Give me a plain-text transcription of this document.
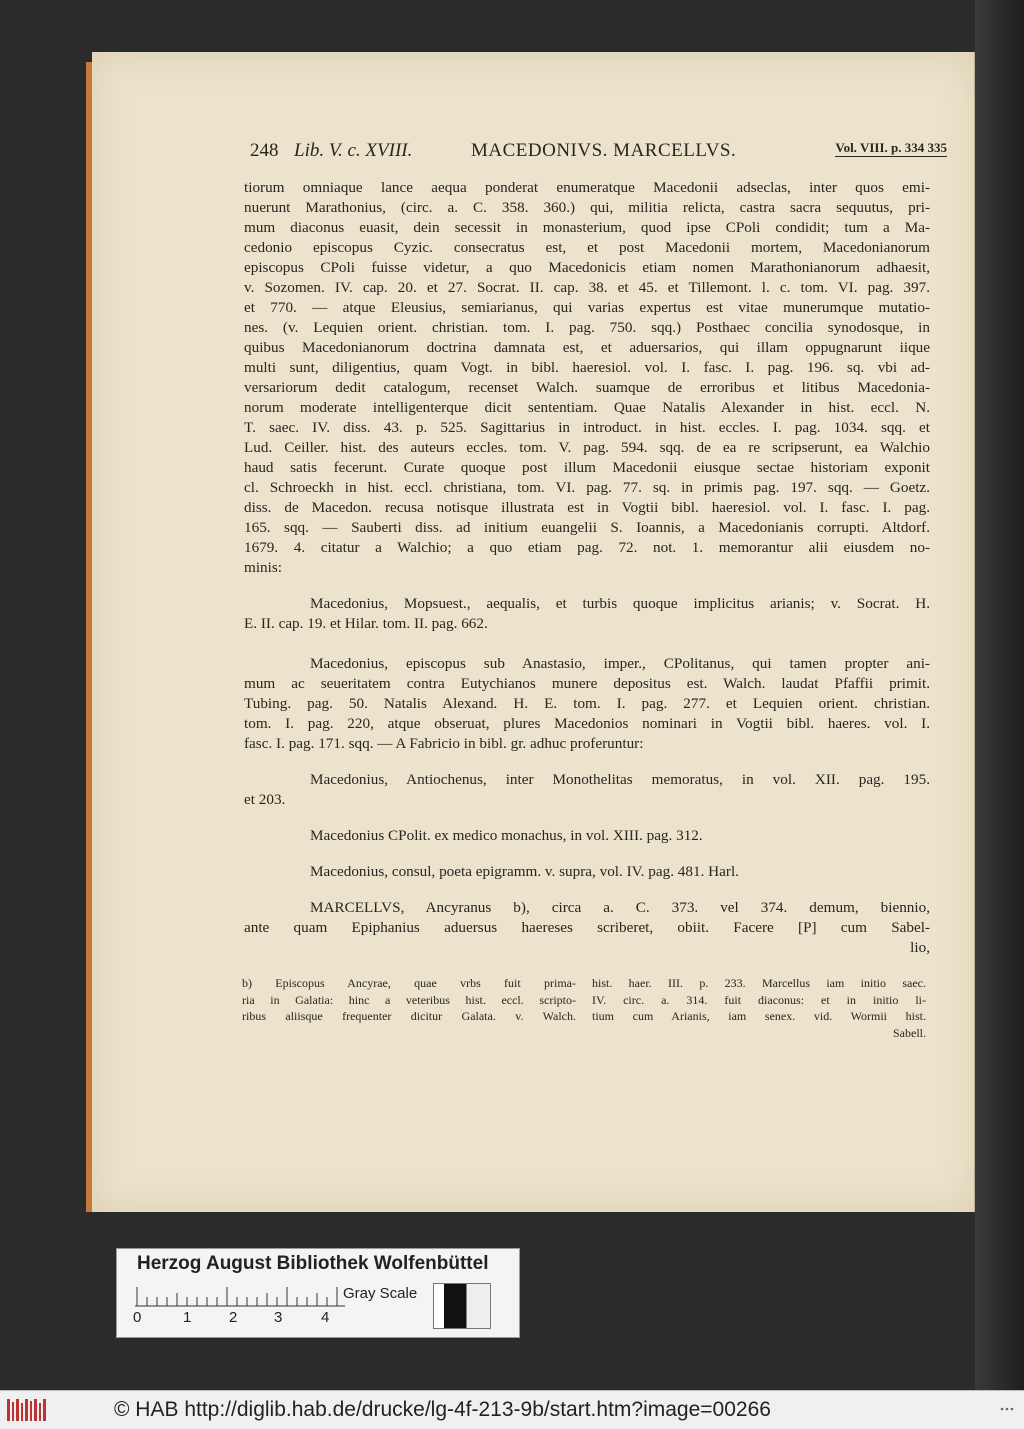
248 Lib. V. c. XVIII.	MACEDONIVS. MARCELLVS.	Vol. VIII. p. 334 335
tiorum omniaque lance aequa ponderat enumeratque Macedonii adseclas, inter quos emi-
nuerunt Marathonius, (circ. a. C. 358. 360.) qui, militia relicta, castra sacra sequutus, pri-
mum diaconus euasit, dein secessit in monasterium, quod ipse CPoli condidit; tum a Ma-
cedonio episcopus Cyzic. consecratus est, et post Macedonii mortem, Macedonianorum
episcopus CPoli fuisse videtur, a quo Macedonicis etiam nomen Marathonianorum adhaesit,
v. Sozomen. IV. cap. 20. et 27. Socrat. II. cap. 38. et 45. et Tillemont. l. c. tom. VI. pag. 397.
et 770. — atque Eleusius, semiarianus, qui varias expertus est vitae munerumque mutatio-
nes. (v. Lequien orient. christian. tom. I. pag. 750. sqq.) Posthaec concilia synodosque, in
quibus Macedonianorum doctrina damnata est, et aduersarios, qui illam oppugnarunt iique
multi sunt, diligentius, quam Vogt. in bibl. haeresiol. vol. I. fasc. I. pag. 196. sq. vbi ad-
versariorum dedit catalogum, recenset Walch. suamque de erroribus et litibus Macedonia-
norum moderate intelligenterque dicit sententiam. Quae Natalis Alexander in hist. eccl. N.
T. saec. IV. diss. 43. p. 525. Sagittarius in introduct. in hist. eccles. I. pag. 1034. sqq. et
Lud. Ceiller. hist. des auteurs eccles. tom. V. pag. 594. sqq. de ea re scripserunt, ea Walchio
haud satis fecerunt. Curate quoque post illum Macedonii eiusque sectae historiam exponit
cl. Schroeckh in hist. eccl. christiana, tom. VI. pag. 77. sq. in primis pag. 197. sqq. — Goetz.
diss. de Macedon. recusa notisque illustrata est in Vogtii bibl. haeresiol. vol. I. fasc. I. pag.
165. sqq. — Sauberti diss. ad initium euangelii S. Ioannis, a Macedonianis corrupti. Altdorf.
1679. 4. citatur a Walchio; a quo etiam pag. 72. not. 1. memorantur alii eiusdem no-
minis:
Macedonius, Mopsuest., aequalis, et turbis quoque implicitus arianis; v. Socrat. H.
E. II. cap. 19. et Hilar. tom. II. pag. 662.
Macedonius, episcopus sub Anastasio, imper., CPolitanus, qui tamen propter ani-
mum ac seueritatem contra Eutychianos munere depositus est. Walch. laudat Pfaffii primit.
Tubing. pag. 50. Natalis Alexand. H. E. tom. I. pag. 277. et Lequien orient. christian.
tom. I. pag. 220, atque obseruat, plures Macedonios nominari in Vogtii bibl. haeres. vol. I.
fasc. I. pag. 171. sqq. — A Fabricio in bibl. gr. adhuc proferuntur:
Macedonius, Antiochenus, inter Monothelitas memoratus, in vol. XII. pag. 195.
et 203.
Macedonius CPolit. ex medico monachus, in vol. XIII. pag. 312.
Macedonius, consul, poeta epigramm. v. supra, vol. IV. pag. 481. Harl.
MARCELLVS, Ancyranus b), circa a. C. 373. vel 374. demum, biennio,
ante quam Epiphanius aduersus haereses scriberet, obiit. Facere [P] cum Sabel-
lio,
b) Episcopus Ancyrae, quae vrbs fuit prima-
ria in Galatia: hinc a veteribus hist. eccl. scripto-
ribus aliisque frequenter dicitur Galata. v. Walch.
hist. haer. III. p. 233. Marcellus iam initio saec.
IV. circ. a. 314. fuit diaconus: et in initio li-
tium cum Arianis, iam senex. vid. Wormii hist.
Sabell.
Herzog August Bibliothek Wolfenbüttel
0	1	2 3	4
Gray Scale
© HAB http://diglib.hab.de/drucke/lg-4f-213-9b/start.htm?image=00266
